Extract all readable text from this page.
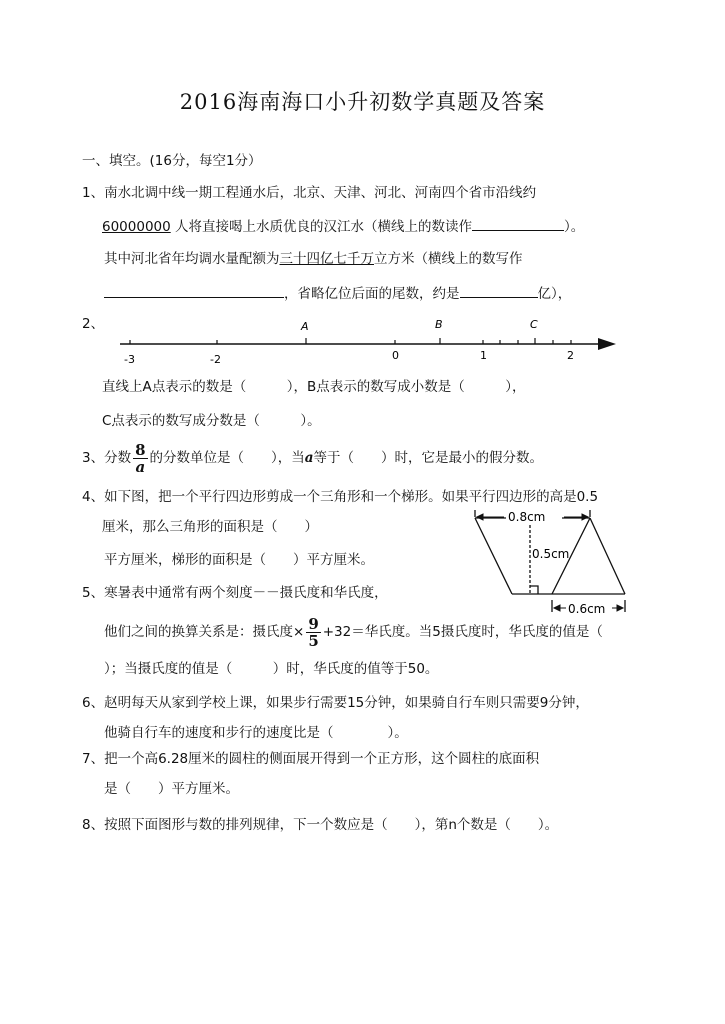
2016海南海口小升初数学真题及答案
一、填空。(16分，每空1分）
1、南水北调中线一期工程通水后，北京、天津、河北、河南四个省市沿线约
60000000 人将直接喝上水质优良的汉江水（横线上的数读作	）。
其中河北省年均调水量配额为三十四亿七千万立方米（横线上的数写作
，省略亿位后面的尾数，约是	亿），
2、
-3	-2	0	1	2
A	B	C
直线上A点表示的数是（　　　），B点表示的数写成小数是（　　　），
C点表示的数写成分数是（　　　）。
3、分数 $\frac{8}{a}$ 的分数单位是（　　），当a等于（　　）时，它是最小的假分数。
4、如下图，把一个平行四边形剪成一个三角形和一个梯形。如果平行四边形的高是0.5
厘米，那么三角形的面积是（　　）
平方厘米，梯形的面积是（　　）平方厘米。
0.8cm
0.5cm
0.6cm
5、寒暑表中通常有两个刻度－－摄氏度和华氏度，
他们之间的换算关系是：摄氏度× $\frac{9}{5} +32=$华氏度。当5摄氏度时，华氏度的值是（
）；当摄氏度的值是（　　　）时，华氏度的值等于50。
6、赵明每天从家到学校上课，如果步行需要15分钟，如果骑自行车则只需要9分钟，
他骑自行车的速度和步行的速度比是（　　　　）。
7、把一个高6.28厘米的圆柱的侧面展开得到一个正方形，这个圆柱的底面积
是（　　）平方厘米。
8、按照下面图形与数的排列规律，下一个数应是（　　），第n个数是（　　）。
